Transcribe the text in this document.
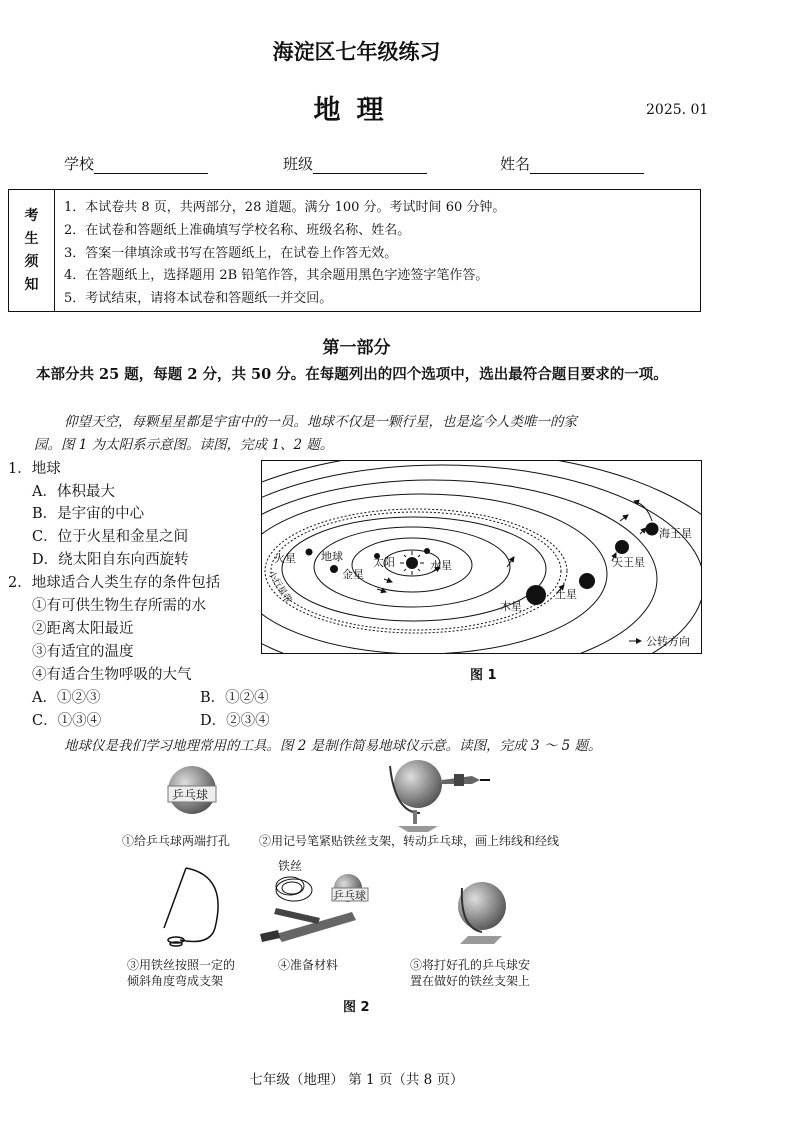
海淀区七年级练习
地理	2025. 01
学校	班级	姓名
考
生
须
知
1．本试卷共 8 页，共两部分，28 道题。满分 100 分。考试时间 60 分钟。
2．在试卷和答题纸上准确填写学校名称、班级名称、姓名。
3．答案一律填涂或书写在答题纸上，在试卷上作答无效。
4．在答题纸上，选择题用 2B 铅笔作答，其余题用黑色字迹签字笔作答。
5．考试结束，请将本试卷和答题纸一并交回。
第一部分
本部分共 25 题，每题 2 分，共 50 分。在每题列出的四个选项中，选出最符合题目要求的一项。
仰望天空，每颗星星都是宇宙中的一员。地球不仅是一颗行星，也是迄今人类唯一的家
园。图 1 为太阳系示意图。读图，完成 1、2 题。
1．地球
A．体积最大
B．是宇宙的中心
C．位于火星和金星之间
D．绕太阳自东向西旋转
2．地球适合人类生存的条件包括
①有可供生物生存所需的水
②距离太阳最近
③有适宜的温度
④有适合生物呼吸的大气
A．①②③	B．①②④
C．①③④	D．②③④
太阳	水星
金星
地球
火星
木星
土星
天王星
海王星
公转方向
小行星带
图 1
地球仪是我们学习地理常用的工具。图 2 是制作简易地球仪示意。读图，完成 3 ～ 5 题。
乒乓球
铁丝
乒乓球
①给乒乓球两端打孔 ②用记号笔紧贴铁丝支架，转动乒乓球，画上纬线和经线
③用铁丝按照一定的
倾斜角度弯成支架
④准备材料	⑤将打好孔的乒乓球安
置在做好的铁丝支架上
图 2
七年级（地理） 第 1 页（共 8 页）
